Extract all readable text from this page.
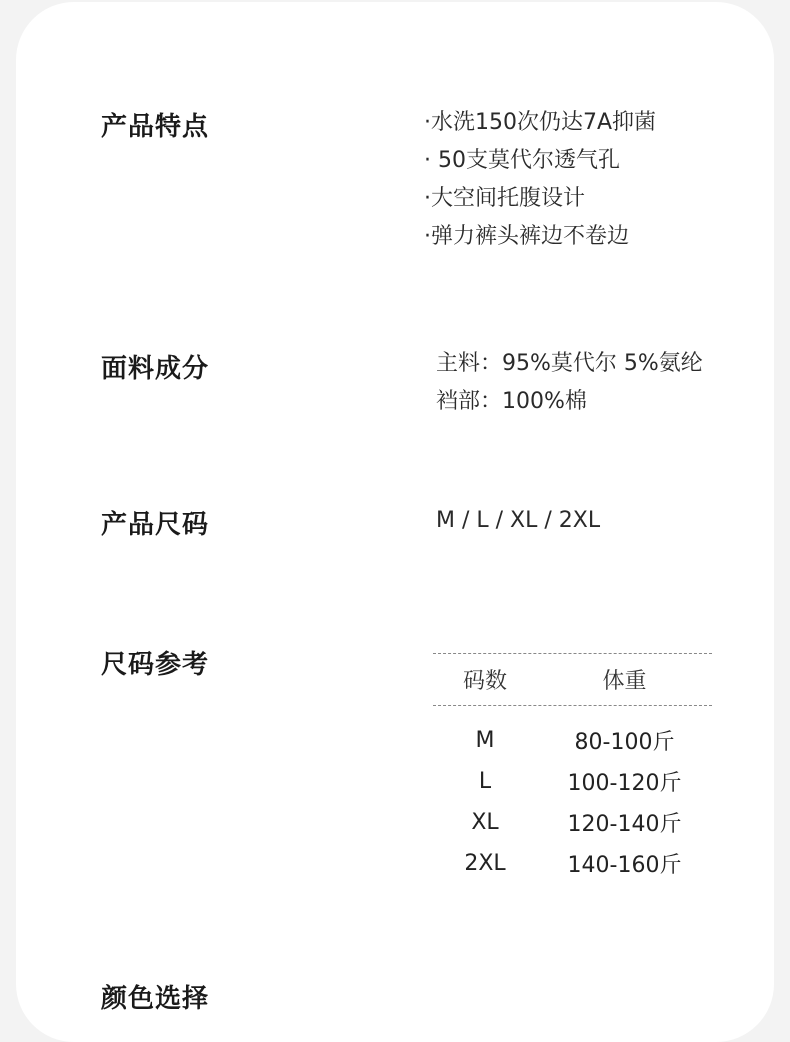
产品特点	·水洗150次仍达7A抑菌
· 50支莫代尔透气孔
·大空间托腹设计
·弹力裤头裤边不卷边
面料成分	主料：95%莫代尔 5%氨纶
裆部：100%棉
产品尺码	M / L / XL / 2XL
尺码参考
码数	体重
M	80-100斤
L	100-120斤
XL	120-140斤
2XL	140-160斤
颜色选择
